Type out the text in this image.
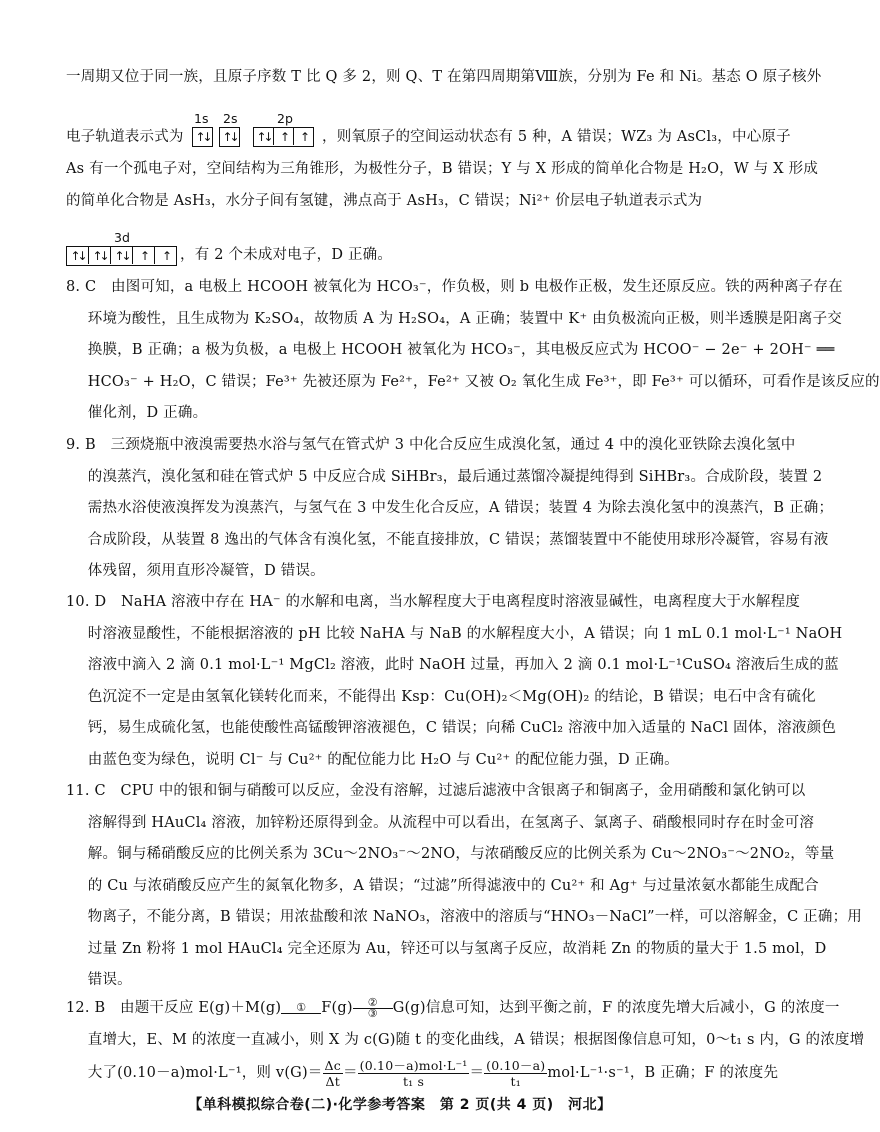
一周期又位于同一族，且原子序数 T 比 Q 多 2，则 Q、T 在第四周期第Ⅷ族，分别为 Fe 和 Ni。基态 O 原子核外
电子轨道表示式为
1s
↑↓
2s
↑↓
2p
↑↓ ↑	↑	，则氧原子的空间运动状态有 5 种，A 错误；WZ₃ 为 AsCl₃，中心原子
As 有一个孤电子对，空间结构为三角锥形，为极性分子，B 错误；Y 与 X 形成的简单化合物是 H₂O，W 与 X 形成
的简单化合物是 AsH₃，水分子间有氢键，沸点高于 AsH₃，C 错误；Ni²⁺ 价层电子轨道表示式为
3d
↑↓ ↑↓ ↑↓ ↑	↑ ，有 2 个未成对电子，D 正确。
8. C　由图可知，a 电极上 HCOOH 被氧化为 HCO₃⁻，作负极，则 b 电极作正极，发生还原反应。铁的两种离子存在
环境为酸性，且生成物为 K₂SO₄，故物质 A 为 H₂SO₄，A 正确；装置中 K⁺ 由负极流向正极，则半透膜是阳离子交
换膜，B 正确；a 极为负极，a 电极上 HCOOH 被氧化为 HCO₃⁻，其电极反应式为 HCOO⁻ − 2e⁻ + 2OH⁻ ══
HCO₃⁻ + H₂O，C 错误；Fe³⁺ 先被还原为 Fe²⁺，Fe²⁺ 又被 O₂ 氧化生成 Fe³⁺，即 Fe³⁺ 可以循环，可看作是该反应的
催化剂，D 正确。
9. B　三颈烧瓶中液溴需要热水浴与氢气在管式炉 3 中化合反应生成溴化氢，通过 4 中的溴化亚铁除去溴化氢中
的溴蒸汽，溴化氢和硅在管式炉 5 中反应合成 SiHBr₃，最后通过蒸馏冷凝提纯得到 SiHBr₃。合成阶段，装置 2
需热水浴使液溴挥发为溴蒸汽，与氢气在 3 中发生化合反应，A 错误；装置 4 为除去溴化氢中的溴蒸汽，B 正确；
合成阶段，从装置 8 逸出的气体含有溴化氢，不能直接排放，C 错误；蒸馏装置中不能使用球形冷凝管，容易有液
体残留，须用直形冷凝管，D 错误。
10. D　NaHA 溶液中存在 HA⁻ 的水解和电离，当水解程度大于电离程度时溶液显碱性，电离程度大于水解程度
时溶液显酸性，不能根据溶液的 pH 比较 NaHA 与 NaB 的水解程度大小，A 错误；向 1 mL 0.1 mol·L⁻¹ NaOH
溶液中滴入 2 滴 0.1 mol·L⁻¹ MgCl₂ 溶液，此时 NaOH 过量，再加入 2 滴 0.1 mol·L⁻¹CuSO₄ 溶液后生成的蓝
色沉淀不一定是由氢氧化镁转化而来，不能得出 Ksp：Cu(OH)₂＜Mg(OH)₂ 的结论，B 错误；电石中含有硫化
钙，易生成硫化氢，也能使酸性高锰酸钾溶液褪色，C 错误；向稀 CuCl₂ 溶液中加入适量的 NaCl 固体，溶液颜色
由蓝色变为绿色，说明 Cl⁻ 与 Cu²⁺ 的配位能力比 H₂O 与 Cu²⁺ 的配位能力强，D 正确。
11. C　CPU 中的银和铜与硝酸可以反应，金没有溶解，过滤后滤液中含银离子和铜离子，金用硝酸和氯化钠可以
溶解得到 HAuCl₄ 溶液，加锌粉还原得到金。从流程中可以看出，在氢离子、氯离子、硝酸根同时存在时金可溶
解。铜与稀硝酸反应的比例关系为 3Cu～2NO₃⁻～2NO，与浓硝酸反应的比例关系为 Cu～2NO₃⁻～2NO₂，等量
的 Cu 与浓硝酸反应产生的氮氧化物多，A 错误；“过滤”所得滤液中的 Cu²⁺ 和 Ag⁺ 与过量浓氨水都能生成配合
物离子，不能分离，B 错误；用浓盐酸和浓 NaNO₃，溶液中的溶质与“HNO₃－NaCl”一样，可以溶解金，C 正确；用
过量 Zn 粉将 1 mol HAuCl₄ 完全还原为 Au，锌还可以与氢离子反应，故消耗 Zn 的物质的量大于 1.5 mol，D
错误。
12. B　由题干反应 E(g)＋M(g)	①	F(g)	②
③	G(g)信息可知，达到平衡之前，F 的浓度先增大后减小，G 的浓度一
直增大，E、M 的浓度一直减小，则 X 为 c(G)随 t 的变化曲线，A 错误；根据图像信息可知，0～t₁ s 内，G 的浓度增
大了(0.10－a)mol·L⁻¹，则 $v(G)= \frac{\Delta c}{\Delta t} = \frac{\text{(0.10－a)mol·L⁻¹}}{\text{t₁ s}} = \frac{(0.10-a)}{\text{t₁}} mol\cdot L^{-1}\cdot s^{-1}$，B 正确；F 的浓度先
【单科模拟综合卷(二)·化学参考答案　第 2 页(共 4 页)　河北】
